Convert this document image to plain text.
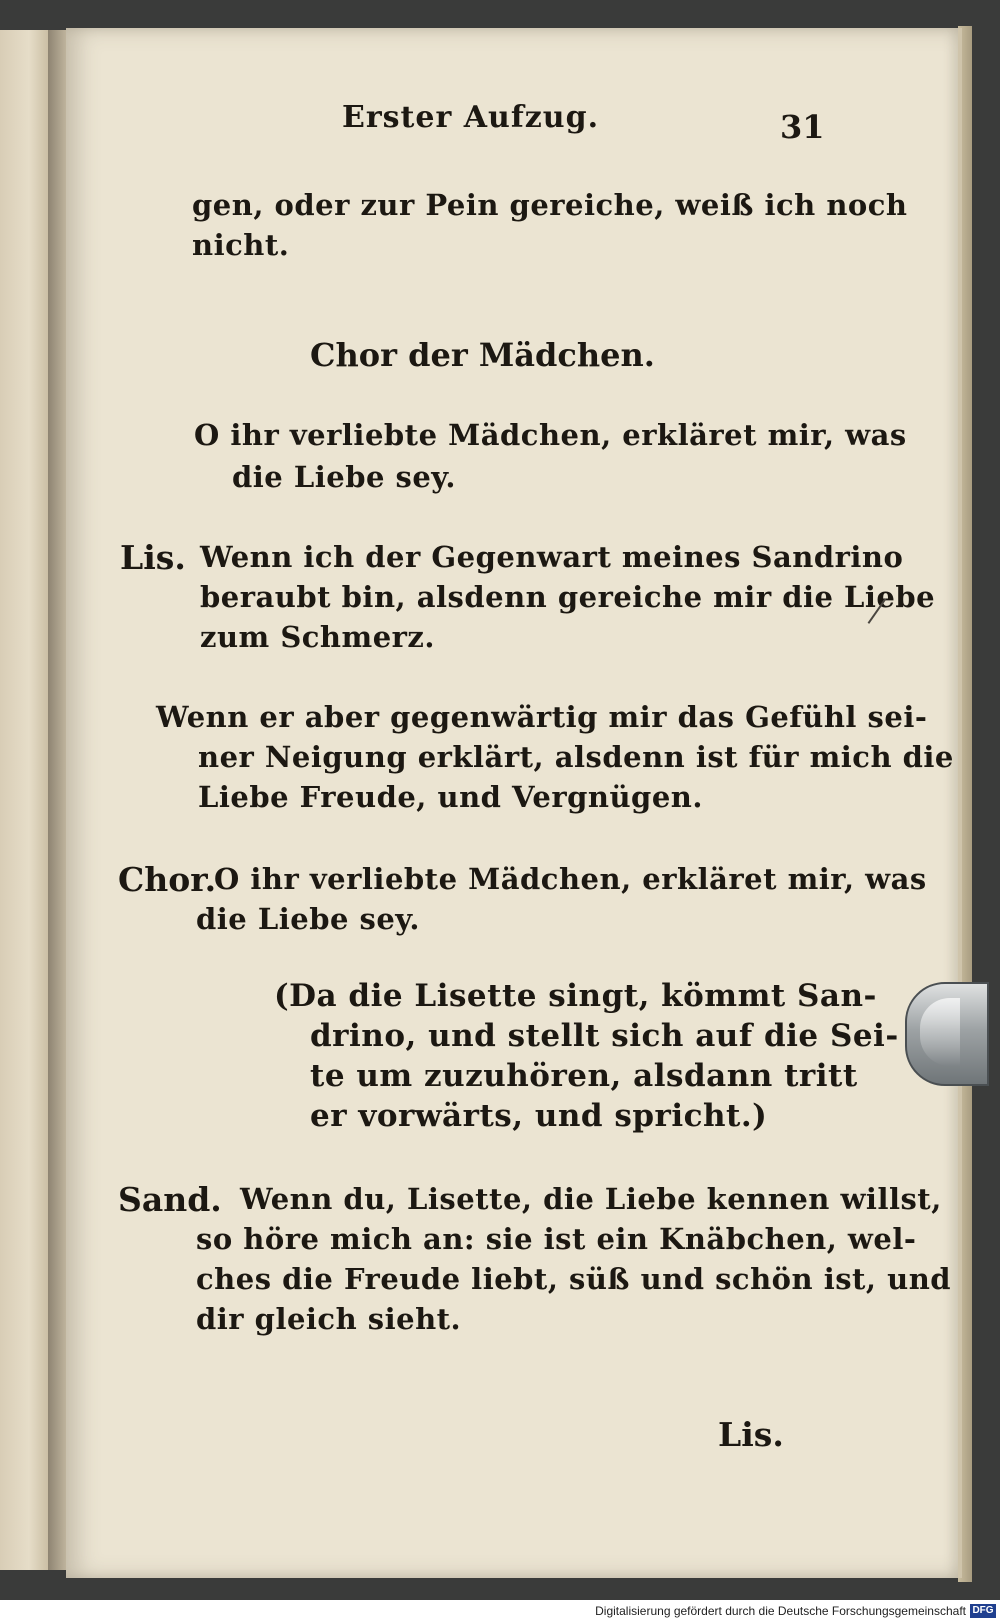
Erster Aufzug.	31

gen, oder zur Pein gereiche, weiß ich noch

nicht.

Chor der Mädchen.

O ihr verliebte Mädchen, erkläret mir, was

die Liebe sey.

Lis. Wenn ich der Gegenwart meines Sandrino

beraubt bin, alsdenn gereiche mir die Liebe

zum Schmerz.

Wenn er aber gegenwärtig mir das Gefühl sei-

ner Neigung erklärt, alsdenn ist für mich die

Liebe Freude, und Vergnügen.

Chor.

O ihr verliebte Mädchen, erkläret mir, was

die Liebe sey.

(Da die Lisette singt, kömmt San-

drino, und stellt sich auf die Sei-

te um zuzuhören, alsdann tritt

er vorwärts, und spricht.)

Sand. Wenn du, Lisette, die Liebe kennen willst,

so höre mich an: sie ist ein Knäbchen, wel-

ches die Freude liebt, süß und schön ist, und

dir gleich sieht.

Lis.

Digitalisierung gefördert durch die Deutsche Forschungsgemeinschaft DFG
